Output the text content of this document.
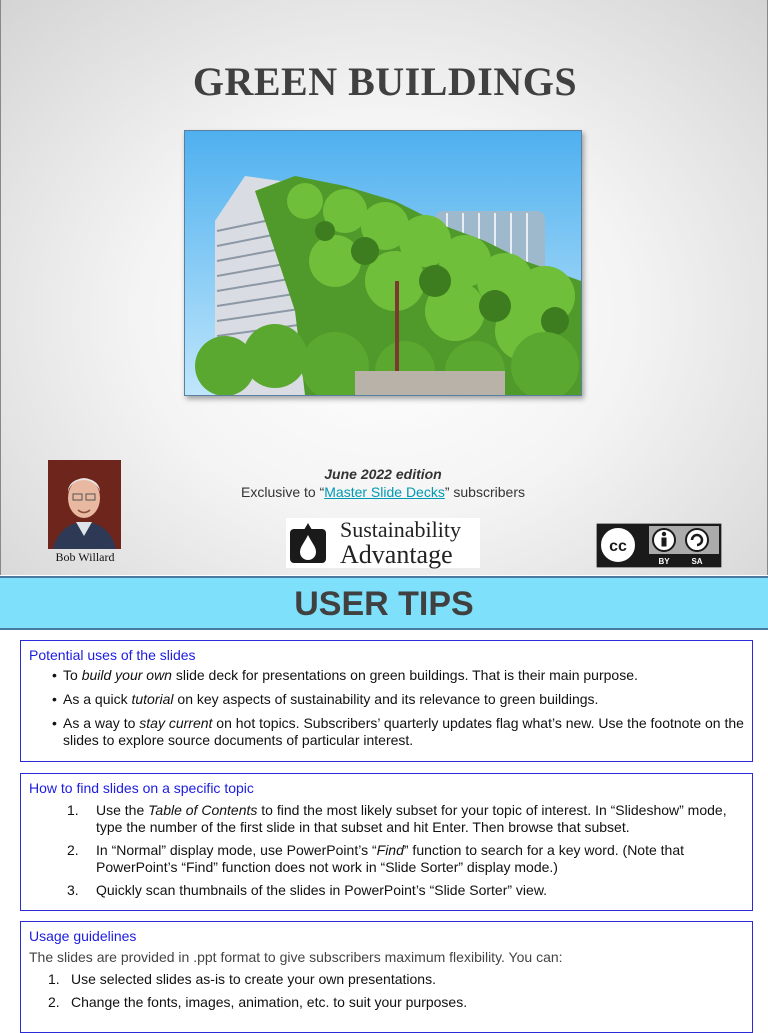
GREEN BUILDINGS
Bob Willard
June 2022 edition
Exclusive to “Master Slide Decks” subscribers
Sustainability
Advantage	cc
BY	SA
USER TIPS
Potential uses of the slides
• To build your own slide deck for presentations on green buildings. That is their main purpose.
• As a quick tutorial on key aspects of sustainability and its relevance to green buildings.
• As a way to stay current on hot topics. Subscribers’ quarterly updates flag what’s new. Use the footnote on the slides to explore source documents of particular interest.
How to find slides on a specific topic
1. Use the Table of Contents to find the most likely subset for your topic of interest. In “Slideshow” mode, type the number of the first slide in that subset and hit Enter. Then browse that subset.
2. In “Normal” display mode, use PowerPoint’s “Find” function to search for a key word. (Note that PowerPoint’s “Find” function does not work in “Slide Sorter” display mode.)
3. Quickly scan thumbnails of the slides in PowerPoint’s “Slide Sorter” view.
Usage guidelines
The slides are provided in .ppt format to give subscribers maximum flexibility. You can:
1. Use selected slides as-is to create your own presentations.
2. Change the fonts, images, animation, etc. to suit your purposes.
